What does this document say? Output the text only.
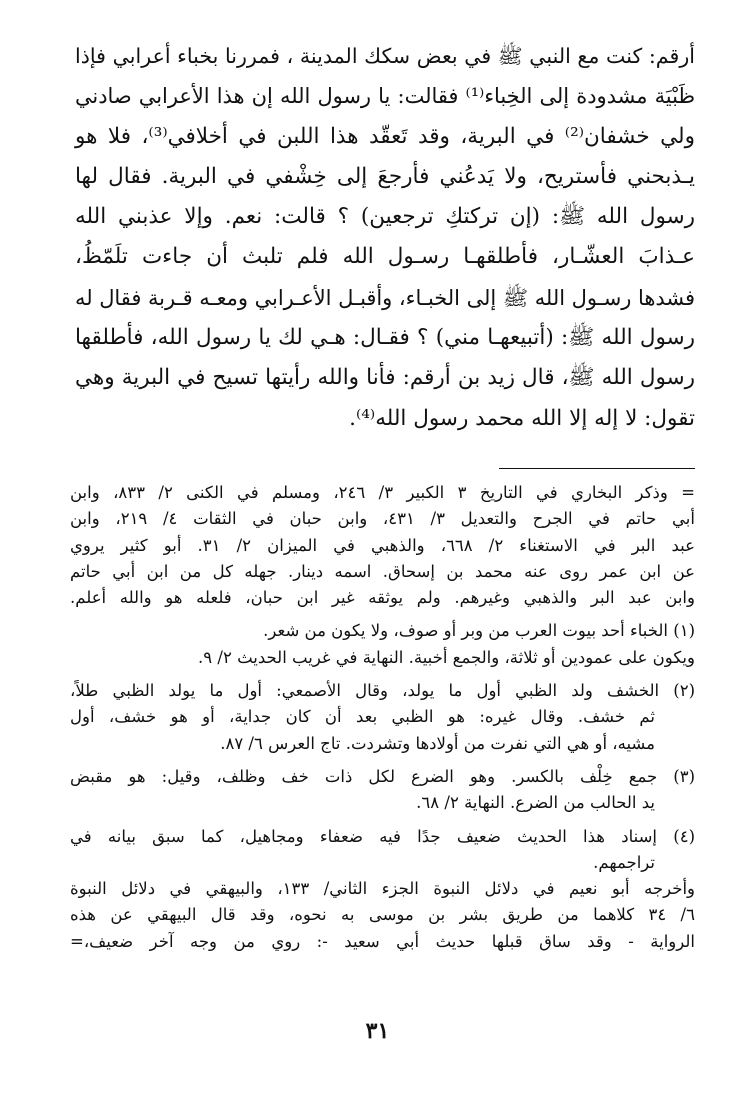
أرقم: كنت مع النبي ﷺ في بعض سكك المدينة ، فمررنا بخباء أعرابي فإذا
ظَبْيَة مشدودة إلى الخِباء⁽¹⁾ فقالت: يا رسول الله إن هذا الأعرابي صادني
ولي خشفان⁽²⁾ في البرية، وقد تَعقّد هذا اللبن في أخلافي⁽³⁾، فلا هو
يـذبحني فأستريح، ولا يَدعُني فأرجعَ إلى خِشْفي في البرية. فقال لها
رسول الله ﷺ: (إن تركتكِ ترجعين) ؟ قالت: نعم. وإلا عذبني الله
عـذابَ العشّـار، فأطلقهـا رسـول الله فلم تلبث أن جاءت تلَمّظُ،
فشدها رسـول الله ﷺ إلى الخبـاء، وأقبـل الأعـرابي ومعـه قـربة فقال له
رسول الله ﷺ: (أتبيعهـا مني) ؟ فقـال: هـي لك يا رسول الله، فأطلقها
رسول الله ﷺ، قال زيد بن أرقم: فأنا والله رأيتها تسيح في البرية وهي
تقول: لا إله إلا الله محمد رسول الله⁽⁴⁾.
= وذكر البخاري في التاريخ ٣ الكبير ٣/ ٢٤٦، ومسلم في الكنى ٢/ ٨٣٣، وابن
أبي حاتم في الجرح والتعديل ٣/ ٤٣١، وابن حبان في الثقات ٤/ ٢١٩، وابن
عبد البر في الاستغناء ٢/ ٦٦٨، والذهبي في الميزان ٢/ ٣١. أبو كثير يروي
عن ابن عمر روى عنه محمد بن إسحاق. اسمه دينار. جهله كل من ابن أبي حاتم
وابن عبد البر والذهبي وغيرهم. ولم يوثقه غير ابن حبان، فلعله هو والله أعلم.
(١) الخباء أحد بيوت العرب من وبر أو صوف، ولا يكون من شعر.
ويكون على عمودين أو ثلاثة، والجمع أخبية. النهاية في غريب الحديث ٢/ ٩.
(٢) الخشف ولد الظبي أول ما يولد، وقال الأصمعي: أول ما يولد الظبي طلاً،
ثم خشف. وقال غيره: هو الظبي بعد أن كان جداية، أو هو خشف، أول
مشيه، أو هي التي نفرت من أولادها وتشردت. تاج العرس ٦/ ٨٧.
(٣) جمع خِلْف بالكسر. وهو الضرع لكل ذات خف وظلف، وقيل: هو مقبض
يد الحالب من الضرع. النهاية ٢/ ٦٨.
(٤) إسناد هذا الحديث ضعيف جدًا فيه ضعفاء ومجاهيل، كما سبق بيانه في
تراجمهم.
وأخرجه أبو نعيم في دلائل النبوة الجزء الثاني/ ١٣٣، والبيهقي في دلائل النبوة
٦/ ٣٤ كلاهما من طريق بشر بن موسى به نحوه، وقد قال البيهقي عن هذه
الرواية - وقد ساق قبلها حديث أبي سعيد -: روي من وجه آخر ضعيف،=
٣١
